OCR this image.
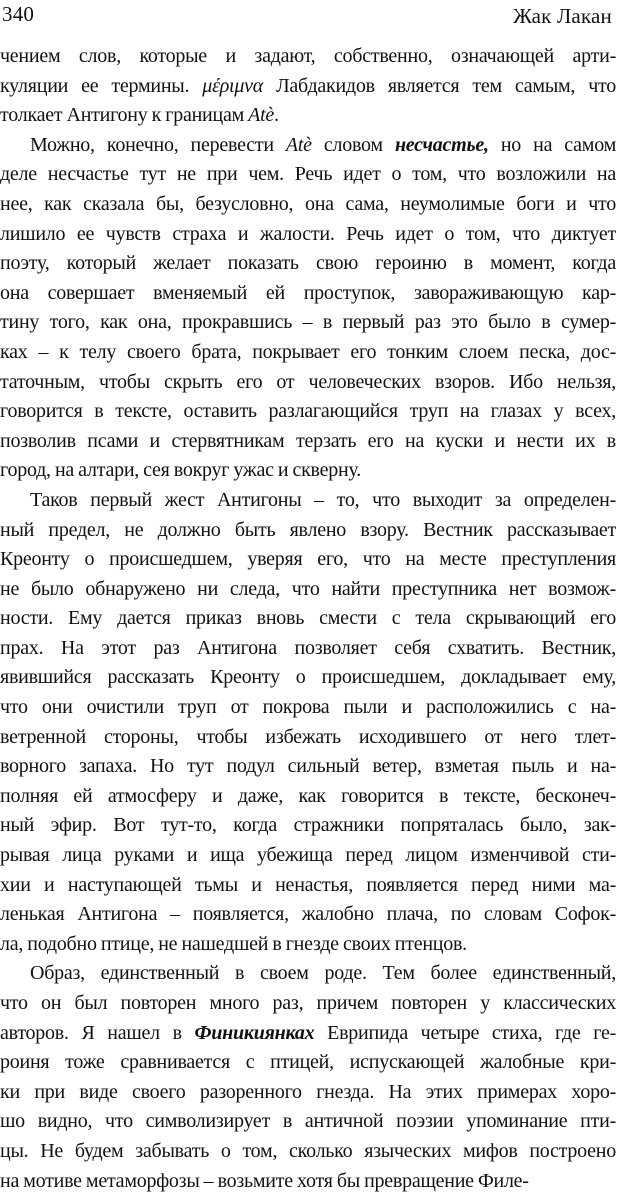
340	Жак Лакан
чением слов, которые и задают, собственно, означающей арти-
куляции ее термины. μέριμνα Лабдакидов является тем самым, что
толкает Антигону к границам Atè.
Можно, конечно, перевести Atè словом несчастье, но на самом
деле несчастье тут не при чем. Речь идет о том, что возложили на
нее, как сказала бы, безусловно, она сама, неумолимые боги и что
лишило ее чувств страха и жалости. Речь идет о том, что диктует
поэту, который желает показать свою героиню в момент, когда
она совершает вменяемый ей проступок, завораживающую кар-
тину того, как она, прокравшись – в первый раз это было в сумер-
ках – к телу своего брата, покрывает его тонким слоем песка, дос-
таточным, чтобы скрыть его от человеческих взоров. Ибо нельзя,
говорится в тексте, оставить разлагающийся труп на глазах у всех,
позволив псами и стервятникам терзать его на куски и нести их в
город, на алтари, сея вокруг ужас и скверну.
Таков первый жест Антигоны – то, что выходит за определен-
ный предел, не должно быть явлено взору. Вестник рассказывает
Креонту о происшедшем, уверяя его, что на месте преступления
не было обнаружено ни следа, что найти преступника нет возмож-
ности. Ему дается приказ вновь смести с тела скрывающий его
прах. На этот раз Антигона позволяет себя схватить. Вестник,
явившийся рассказать Креонту о происшедшем, докладывает ему,
что они очистили труп от покрова пыли и расположились с на-
ветренной стороны, чтобы избежать исходившего от него тлет-
ворного запаха. Но тут подул сильный ветер, взметая пыль и на-
полняя ей атмосферу и даже, как говорится в тексте, бесконеч-
ный эфир. Вот тут-то, когда стражники попряталась было, зак-
рывая лица руками и ища убежища перед лицом изменчивой сти-
хии и наступающей тьмы и ненастья, появляется перед ними ма-
ленькая Антигона – появляется, жалобно плача, по словам Софок-
ла, подобно птице, не нашедшей в гнезде своих птенцов.
Образ, единственный в своем роде. Тем более единственный,
что он был повторен много раз, причем повторен у классических
авторов. Я нашел в Финикиянках Еврипида четыре стиха, где ге-
роиня тоже сравнивается с птицей, испускающей жалобные кри-
ки при виде своего разоренного гнезда. На этих примерах хоро-
шо видно, что символизирует в античной поэзии упоминание пти-
цы. Не будем забывать о том, сколько языческих мифов построено
на мотиве метаморфозы – возьмите хотя бы превращение Филе-
